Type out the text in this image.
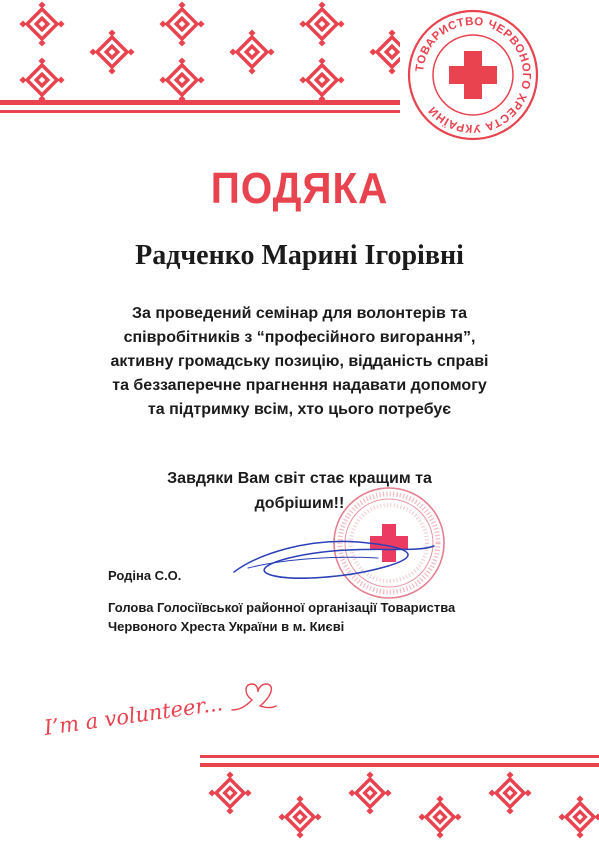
ТОВАРИСТВО ЧЕРВОНОГО ХРЕСТА УКРАЇНИ
ПОДЯКА
Радченко Марині Ігорівні
За проведений семінар для волонтерів та
співробітників з “професійного вигорання”,
активну громадську позицію, відданість справі
та беззаперечне прагнення надавати допомогу
та підтримку всім, хто цього потребує
Завдяки Вам світ стає кращим та
добрішим!!
Родіна С.О.
Голова Голосіївської районної організації Товариства
Червоного Хреста України в м. Києві
I’m a volunteer...
